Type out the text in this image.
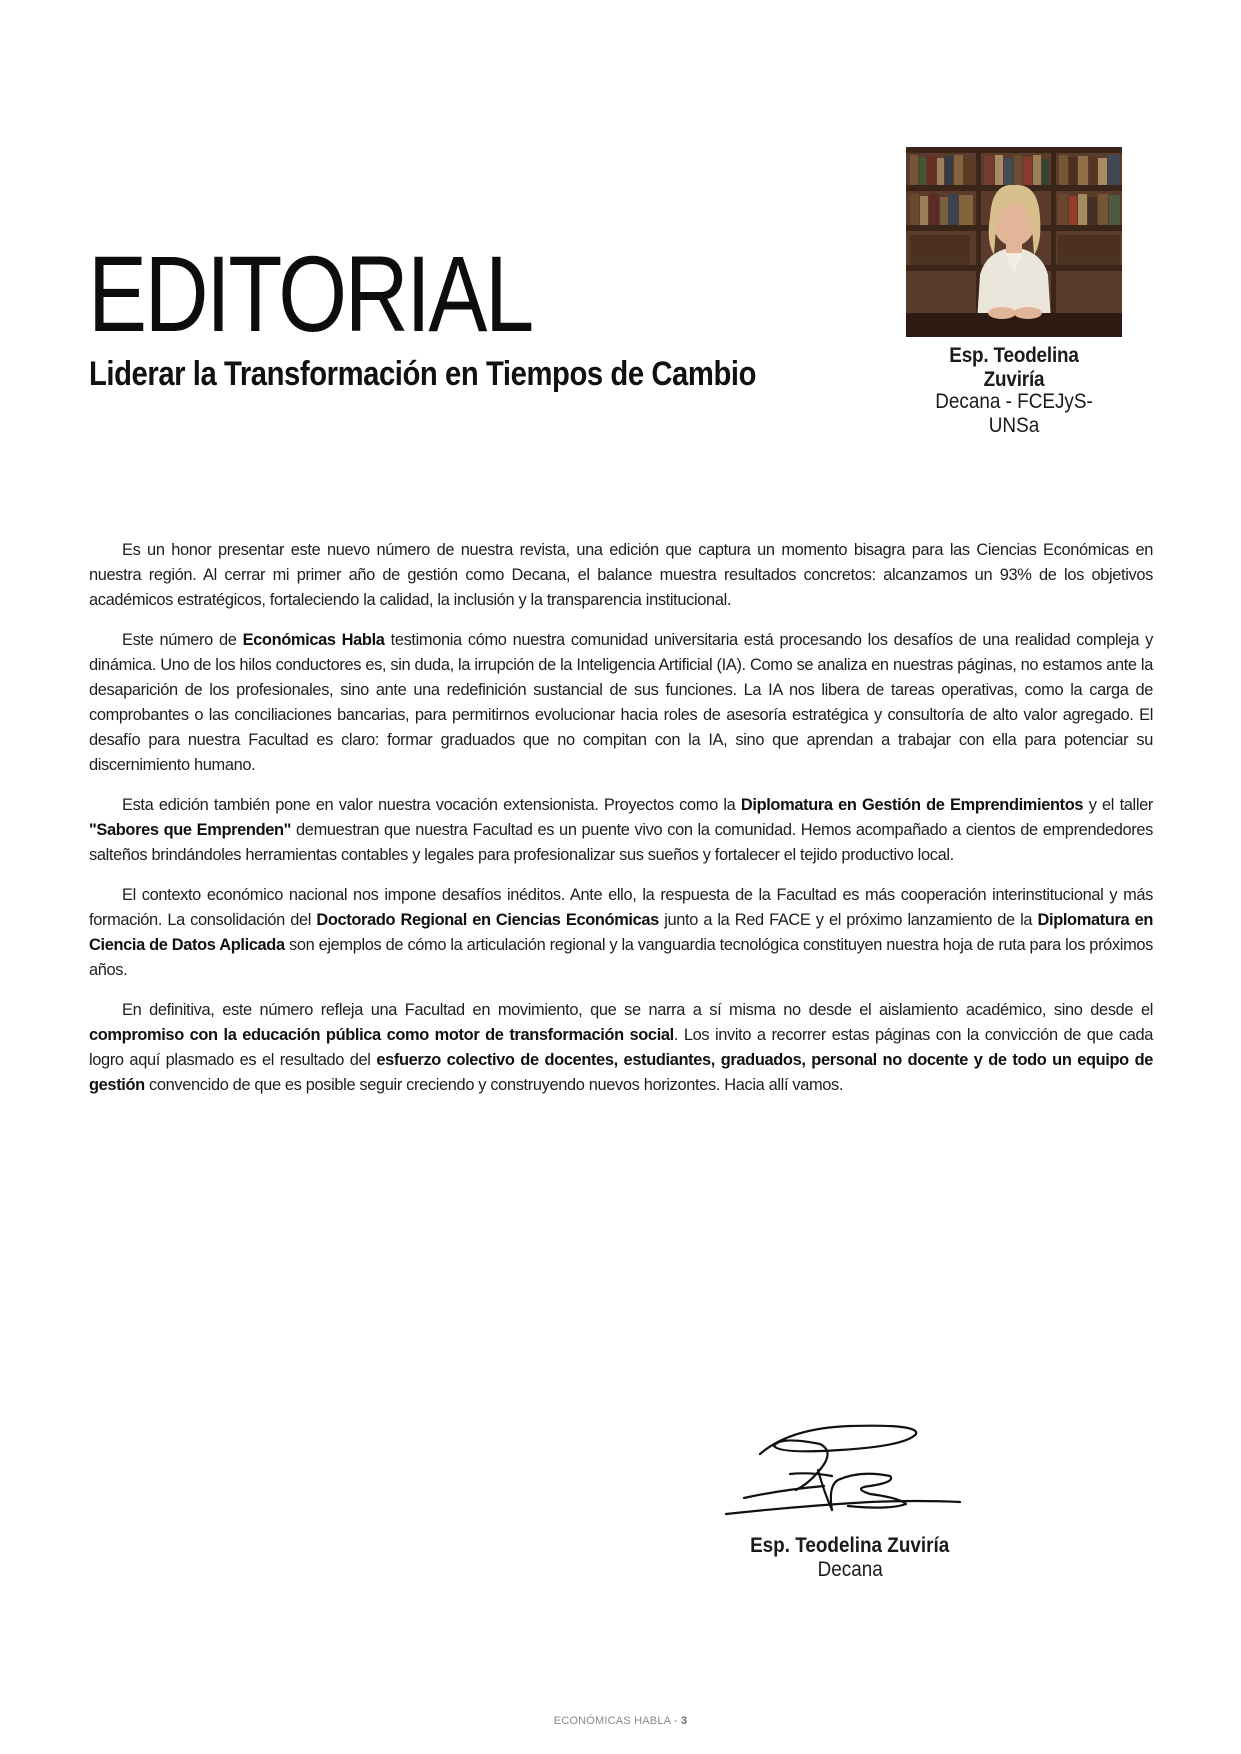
EDITORIAL
Liderar la Transformación en Tiempos de Cambio	Esp. Teodelina Zuviría
Decana - FCEJyS-UNSa

Es un honor presentar este nuevo número de nuestra revista, una edición que captura un momento bisagra para las Ciencias Económicas en nuestra región. Al cerrar mi primer año de gestión como Decana, el balance muestra resultados concretos: alcanzamos un 93% de los objetivos académicos estratégicos, fortaleciendo la calidad, la inclusión y la transparencia institucional.

Este número de Económicas Habla testimonia cómo nuestra comunidad universitaria está procesando los desafíos de una realidad compleja y dinámica. Uno de los hilos conductores es, sin duda, la irrupción de la Inteligencia Artificial (IA). Como se analiza en nuestras páginas, no estamos ante la desaparición de los profesionales, sino ante una redefinición sustancial de sus funciones. La IA nos libera de tareas operativas, como la carga de comprobantes o las conciliaciones bancarias, para permitirnos evolucionar hacia roles de asesoría estratégica y consultoría de alto valor agregado. El desafío para nuestra Facultad es claro: formar graduados que no compitan con la IA, sino que aprendan a trabajar con ella para potenciar su discernimiento humano.

Esta edición también pone en valor nuestra vocación extensionista. Proyectos como la Diplomatura en Gestión de Emprendimientos y el taller "Sabores que Emprenden" demuestran que nuestra Facultad es un puente vivo con la comunidad. Hemos acompañado a cientos de emprendedores salteños brindándoles herramientas contables y legales para profesionalizar sus sueños y fortalecer el tejido productivo local.

El contexto económico nacional nos impone desafíos inéditos. Ante ello, la respuesta de la Facultad es más cooperación interinstitucional y más formación. La consolidación del Doctorado Regional en Ciencias Económicas junto a la Red FACE y el próximo lanzamiento de la Diplomatura en Ciencia de Datos Aplicada son ejemplos de cómo la articulación regional y la vanguardia tecnológica constituyen nuestra hoja de ruta para los próximos años.

En definitiva, este número refleja una Facultad en movimiento, que se narra a sí misma no desde el aislamiento académico, sino desde el compromiso con la educación pública como motor de transformación social. Los invito a recorrer estas páginas con la convicción de que cada logro aquí plasmado es el resultado del esfuerzo colectivo de docentes, estudiantes, graduados, personal no docente y de todo un equipo de gestión convencido de que es posible seguir creciendo y construyendo nuevos horizontes. Hacia allí vamos.

Esp. Teodelina Zuviría
Decana
ECONÓMICAS HABLA - 3
